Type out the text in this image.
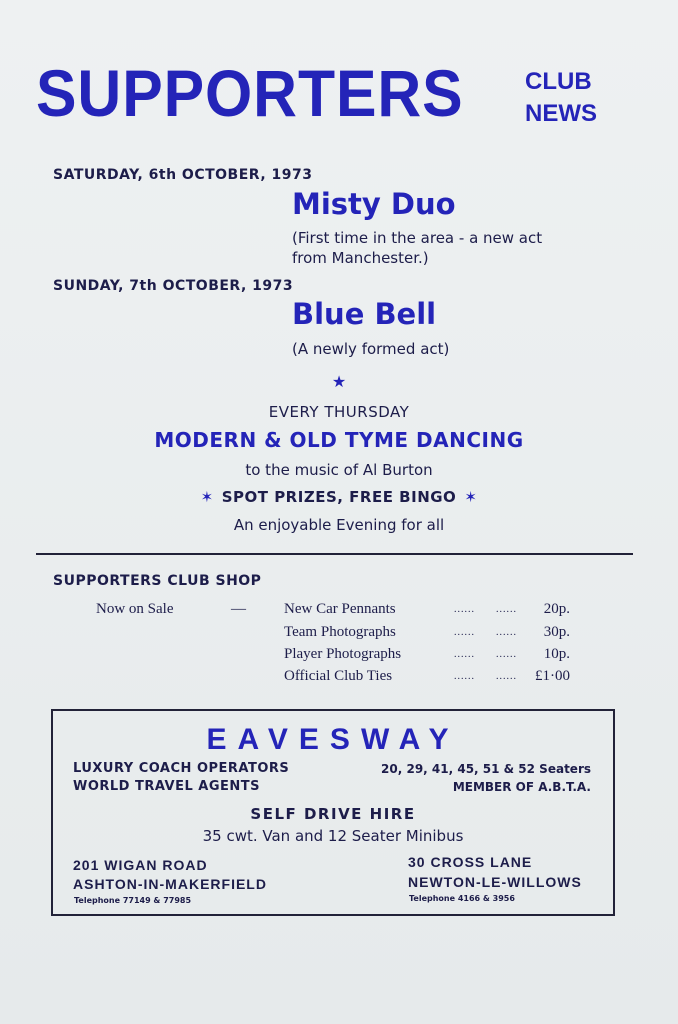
SUPPORTERS	CLUB
NEWS
SATURDAY, 6th OCTOBER, 1973
Misty Duo
(First time in the area - a new act
from Manchester.)
SUNDAY, 7th OCTOBER, 1973
Blue Bell
(A newly formed act)
★
EVERY THURSDAY
MODERN & OLD TYME DANCING
to the music of Al Burton
✶ SPOT PRIZES, FREE BINGO ✶
An enjoyable Evening for all
SUPPORTERS CLUB SHOP
Now on Sale	—	New Car Pennants	...... ...... 20p.
Team Photographs	...... ...... 30p.
Player Photographs	...... ...... 10p.
Official Club Ties	...... ...... £1·00
EAVESWAY
LUXURY COACH OPERATORS
WORLD TRAVEL AGENTS
20, 29, 41, 45, 51 & 52 Seaters
MEMBER OF A.B.T.A.
SELF DRIVE HIRE
35 cwt. Van and 12 Seater Minibus
201 WIGAN ROAD
ASHTON-IN-MAKERFIELD
Telephone 77149 & 77985
30 CROSS LANE
NEWTON-LE-WILLOWS
Telephone 4166 & 3956
